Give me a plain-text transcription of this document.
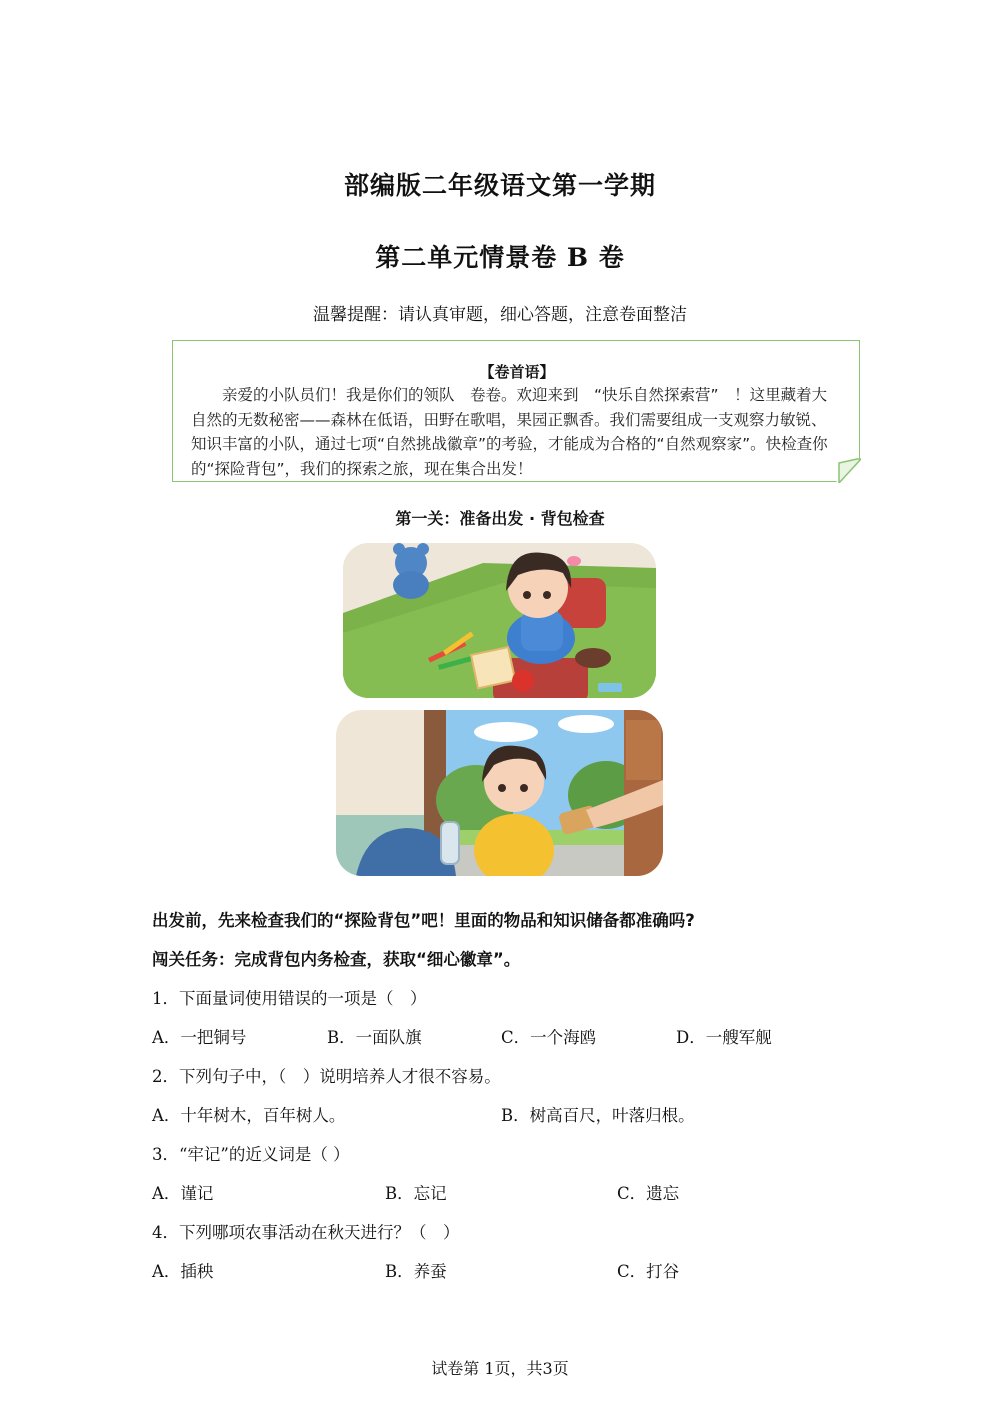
部编版二年级语文第一学期
第二单元情景卷 B 卷
温馨提醒：请认真审题，细心答题，注意卷面整洁
【卷首语】
亲爱的小队员们！我是你们的领队　卷卷。欢迎来到　“快乐自然探索营”　！这里藏着大自然的无数秘密——森林在低语，田野在歌唱，果园正飘香。我们需要组成一支观察力敏锐、知识丰富的小队，通过七项“自然挑战徽章”的考验，才能成为合格的“自然观察家”。快检查你的“探险背包”，我们的探索之旅，现在集合出发！
第一关：准备出发 · 背包检查
出发前，先来检查我们的“探险背包”吧！里面的物品和知识储备都准确吗?
闯关任务：完成背包内务检查，获取“细心徽章”。
1．下面量词使用错误的一项是（　）
A．一把铜号	B．一面队旗	C．一个海鸥	D．一艘军舰
2．下列句子中，（　）说明培养人才很不容易。
A．十年树木，百年树人。	B．树高百尺，叶落归根。
3．“牢记”的近义词是（ ）
A．谨记	B．忘记	C．遗忘
4．下列哪项农事活动在秋天进行？（　）
A．插秧	B．养蚕	C．打谷
试卷第 1页，共3页
